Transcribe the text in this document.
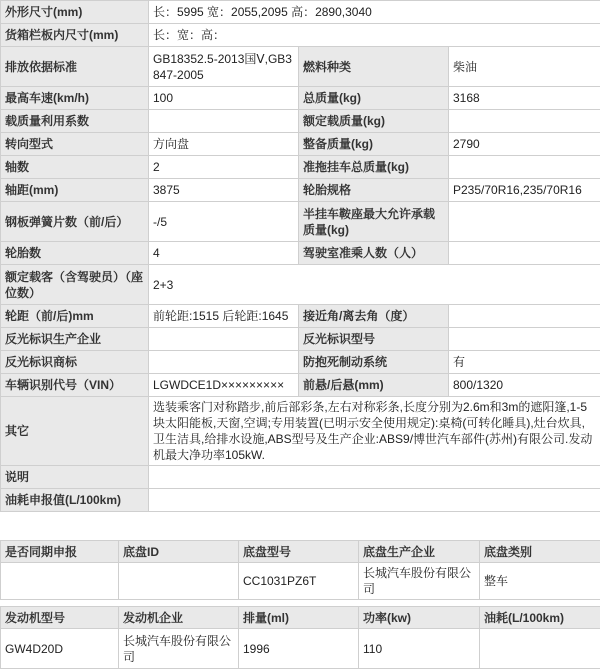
外形尺寸(mm)	长：5995 宽：2055,2095 高：2890,3040		
货箱栏板内尺寸(mm)	长：宽：高：		
排放依据标准	GB18352.5-2013国Ⅴ,GB3847-2005	燃料种类	柴油
最高车速(km/h)	100	总质量(kg)	3168
载质量利用系数		额定载质量(kg)	
转向型式	方向盘	整备质量(kg)	2790
轴数	2	准拖挂车总质量(kg)	
轴距(mm)	3875	轮胎规格	P235/70R16,235/70R16
钢板弹簧片数（前/后）	-/5	半挂车鞍座最大允许承载质量(kg)	
轮胎数	4	驾驶室准乘人数（人）	
额定载客（含驾驶员）（座位数）	2+3		
轮距（前/后)mm	前轮距:1515 后轮距:1645	接近角/离去角（度）	
反光标识生产企业		反光标识型号	
反光标识商标		防抱死制动系统	有
车辆识别代号（VIN）	LGWDCE1D×××××××××	前悬/后悬(mm)	800/1320
其它	选装乘客门对称踏步,前后部彩条,左右对称彩条,长度分别为2.6m和3m的遮阳篷,1-5块太阳能板,天窗,空调;专用装置(已明示安全使用规定):桌椅(可转化睡具),灶台炊具,卫生洁具,给排水设施,ABS型号及生产企业:ABS9/博世汽车部件(苏州)有限公司.发动机最大净功率105kW.		
说明			
油耗申报值(L/100km)			
是否同期申报	底盘ID	底盘型号	底盘生产企业	底盘类别
		CC1031PZ6T	长城汽车股份有限公司	整车
发动机型号	发动机企业	排量(ml)	功率(kw)	油耗(L/100km)
GW4D20D	长城汽车股份有限公司	1996	110	
